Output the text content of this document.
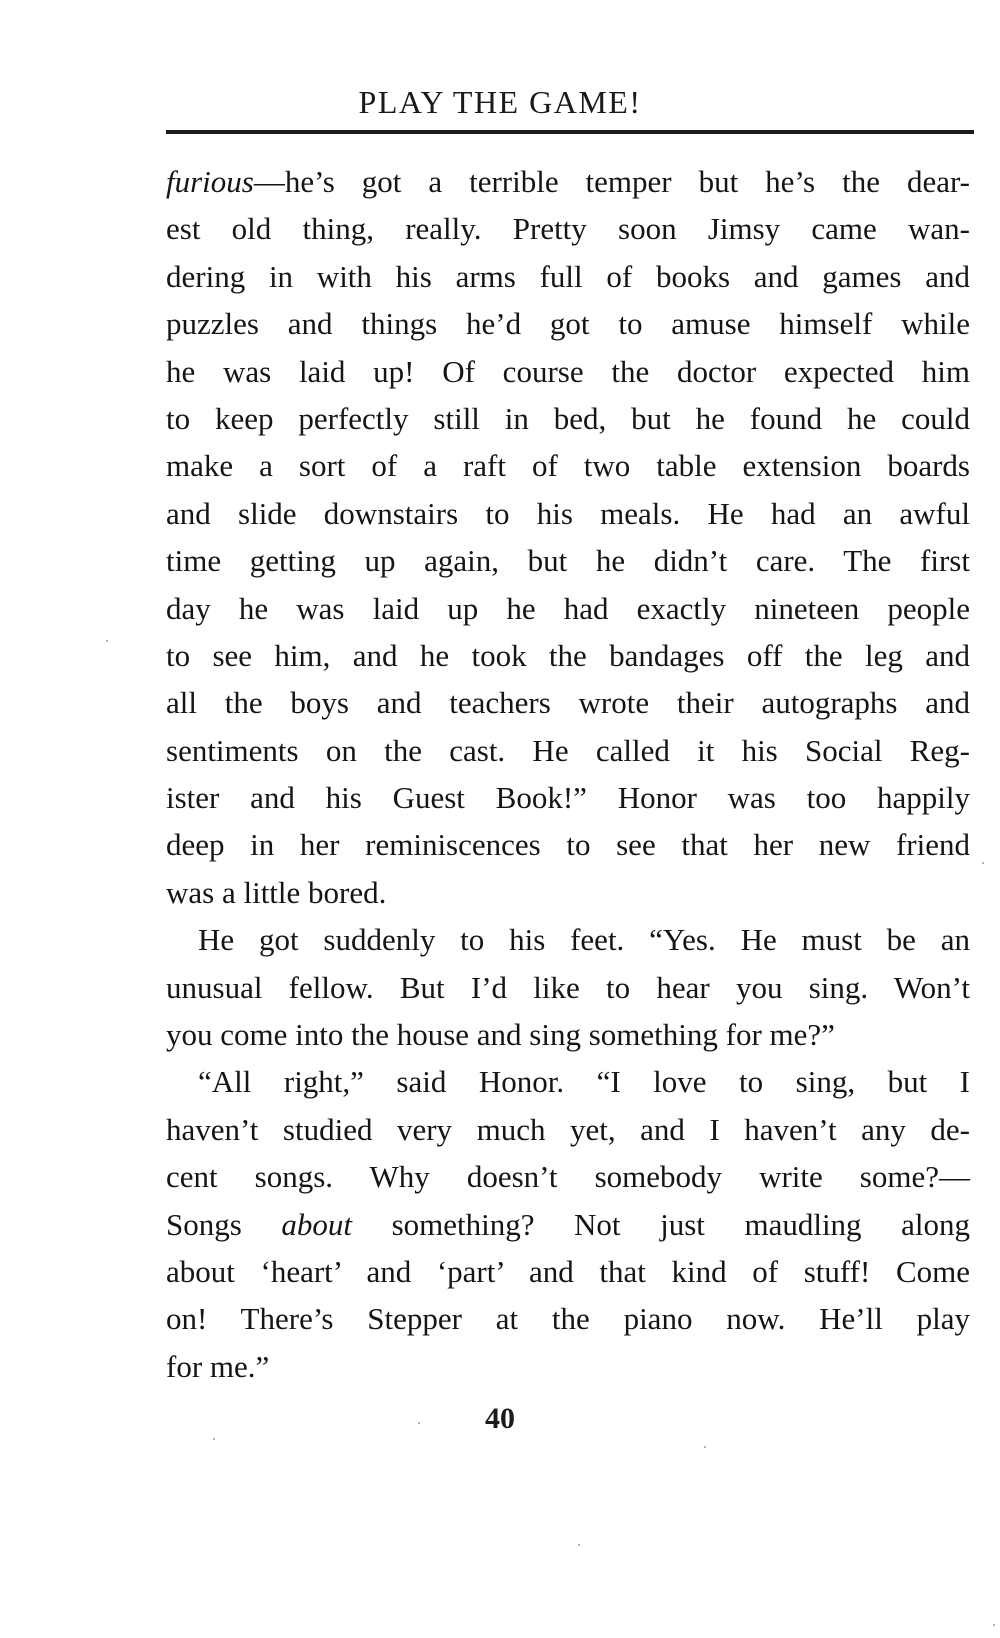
PLAY THE GAME!
furious—he’s got a terrible temper but he’s the dear-
est old thing, really. Pretty soon Jimsy came wan-
dering in with his arms full of books and games and
puzzles and things he’d got to amuse himself while
he was laid up! Of course the doctor expected him
to keep perfectly still in bed, but he found he could
make a sort of a raft of two table extension boards
and slide downstairs to his meals. He had an awful
time getting up again, but he didn’t care. The first
day he was laid up he had exactly nineteen people
to see him, and he took the bandages off the leg and
all the boys and teachers wrote their autographs and
sentiments on the cast. He called it his Social Reg-
ister and his Guest Book!” Honor was too happily
deep in her reminiscences to see that her new friend
was a little bored.
He got suddenly to his feet. “Yes. He must be an
unusual fellow. But I’d like to hear you sing. Won’t
you come into the house and sing something for me?”
“All right,” said Honor. “I love to sing, but I
haven’t studied very much yet, and I haven’t any de-
cent songs. Why doesn’t somebody write some?—
Songs about something? Not just maudling along
about ‘heart’ and ‘part’ and that kind of stuff! Come
on! There’s Stepper at the piano now. He’ll play
for me.”
40
